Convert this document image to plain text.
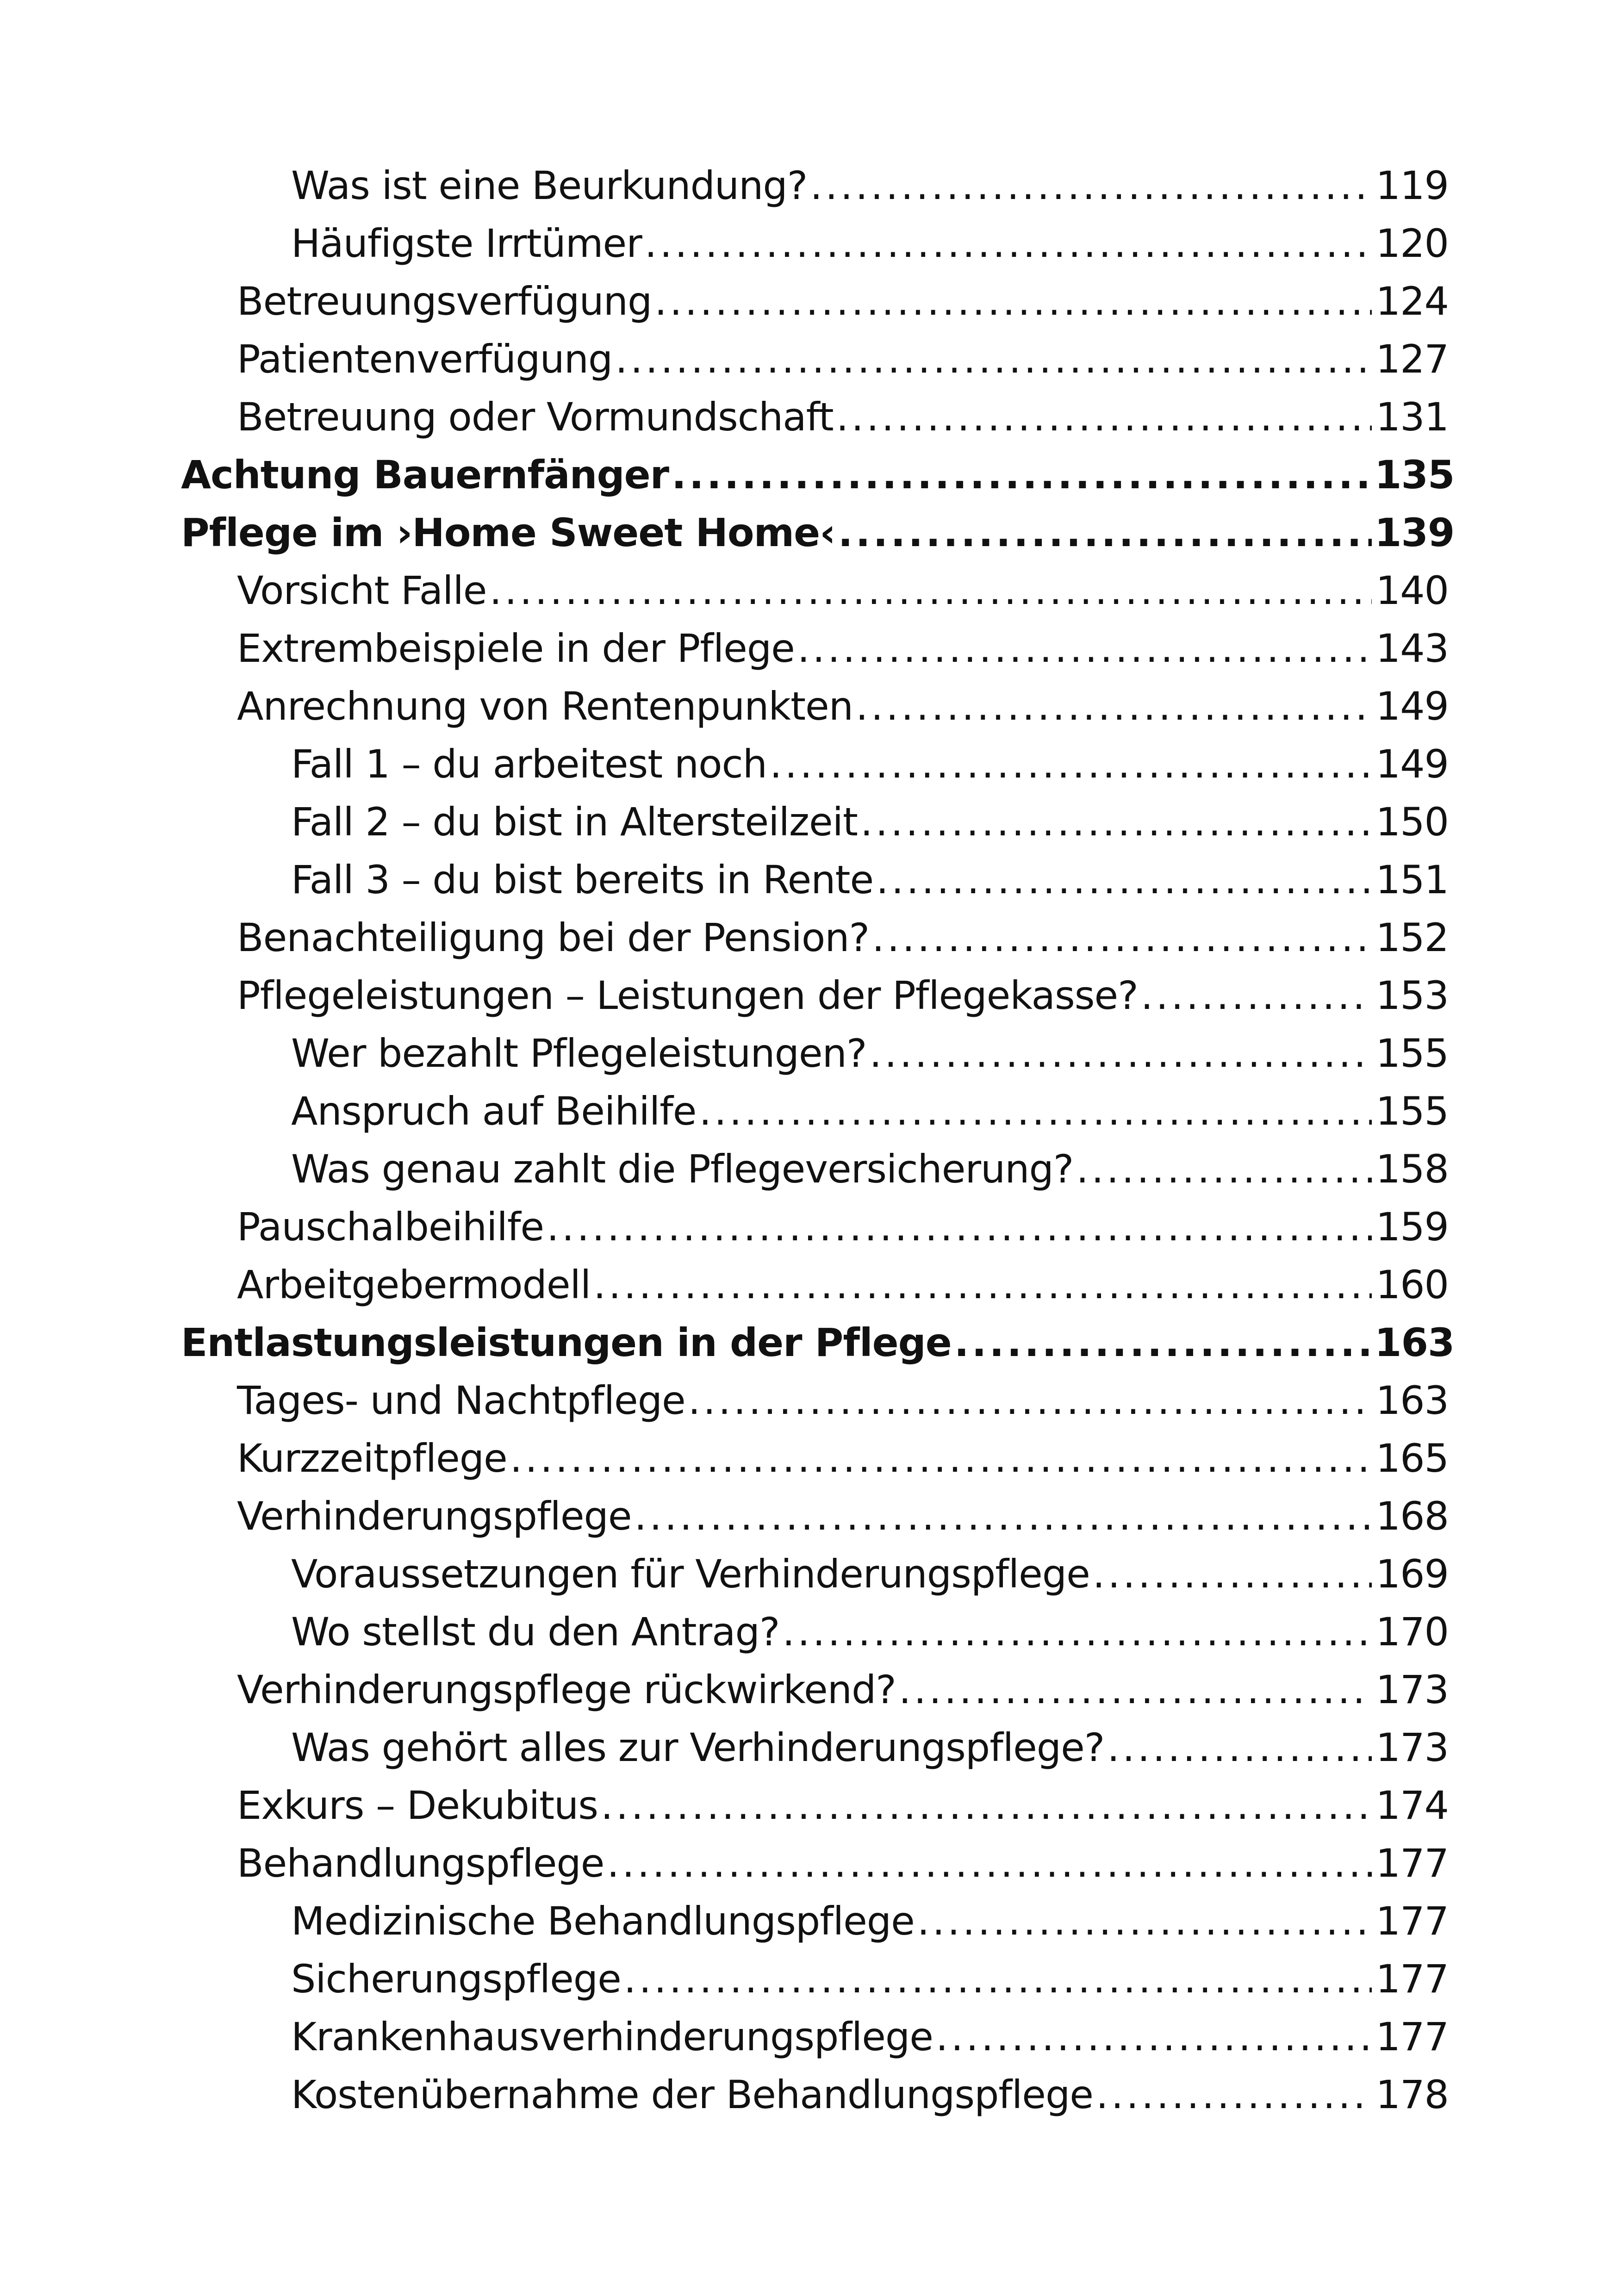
Was ist eine Beurkundung? .....	119
Häufigste Irrtümer .....	120
Betreuungsverfügung .....	124
Patientenverfügung .....	127
Betreuung oder Vormundschaft .....	131
Achtung Bauernfänger .....	135
Pflege im ›Home Sweet Home‹ .....	139
Vorsicht Falle .....	140
Extrembeispiele in der Pflege .....	143
Anrechnung von Rentenpunkten .....	149
Fall 1 – du arbeitest noch .....	149
Fall 2 – du bist in Altersteilzeit .....	150
Fall 3 – du bist bereits in Rente .....	151
Benachteiligung bei der Pension? .....	152
Pflegeleistungen – Leistungen der Pflegekasse? .....	153
Wer bezahlt Pflegeleistungen? .....	155
Anspruch auf Beihilfe .....	155
Was genau zahlt die Pflegeversicherung? .....	158
Pauschalbeihilfe .....	159
Arbeitgebermodell .....	160
Entlastungsleistungen in der Pflege .....	163
Tages- und Nachtpflege .....	163
Kurzzeitpflege .....	165
Verhinderungspflege .....	168
Voraussetzungen für Verhinderungspflege .....	169
Wo stellst du den Antrag? .....	170
Verhinderungspflege rückwirkend? .....	173
Was gehört alles zur Verhinderungspflege? .....	173
Exkurs – Dekubitus .....	174
Behandlungspflege .....	177
Medizinische Behandlungspflege .....	177
Sicherungspflege .....	177
Krankenhausverhinderungspflege .....	177
Kostenübernahme der Behandlungspflege .....	178
